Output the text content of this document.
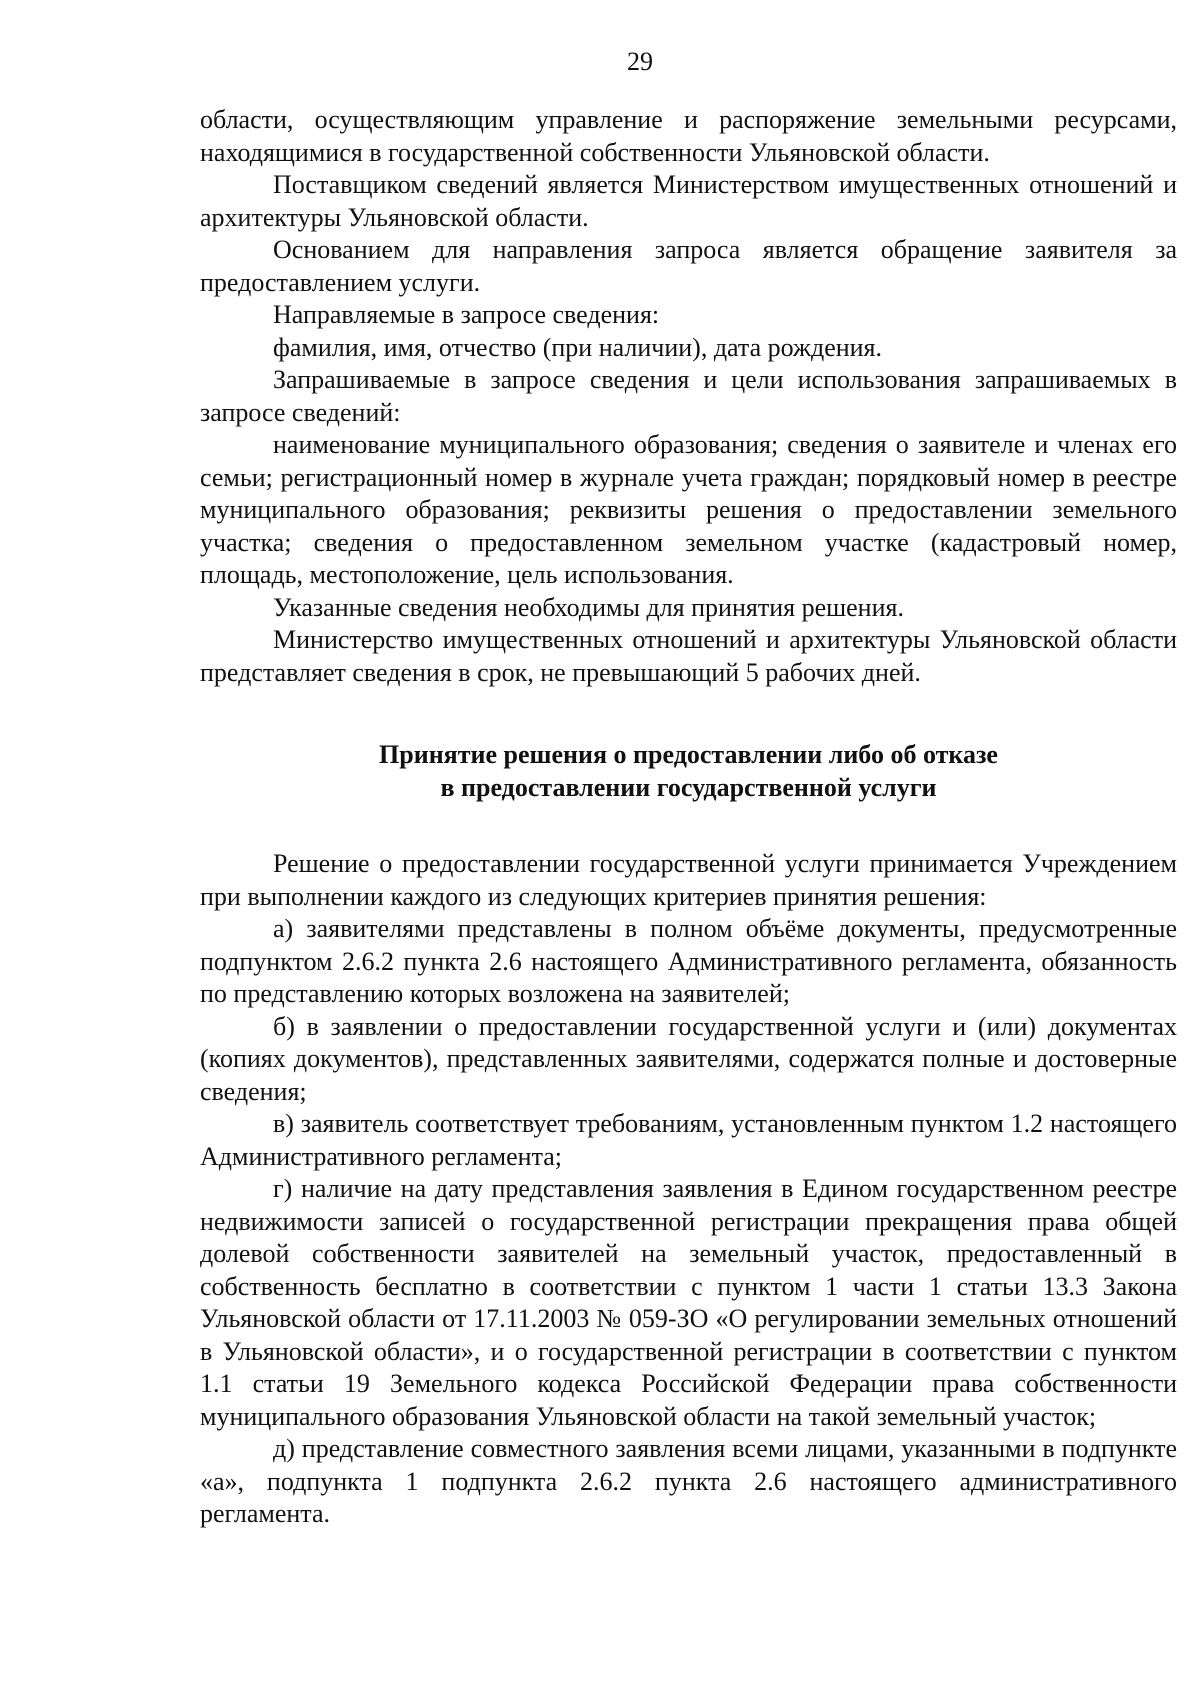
29

области, осуществляющим управление и распоряжение земельными ресурсами, находящимися в государственной собственности Ульяновской области.

Поставщиком сведений является Министерством имущественных отношений и архитектуры Ульяновской области.

Основанием для направления запроса является обращение заявителя за предоставлением услуги.

Направляемые в запросе сведения:

фамилия, имя, отчество (при наличии), дата рождения.

Запрашиваемые в запросе сведения и цели использования запрашиваемых в запросе сведений:

наименование муниципального образования; сведения о заявителе и членах его семьи; регистрационный номер в журнале учета граждан; порядковый номер в реестре муниципального образования; реквизиты решения о предоставлении земельного участка; сведения о предоставленном земельном участке (кадастровый номер, площадь, местоположение, цель использования.

Указанные сведения необходимы для принятия решения.

Министерство имущественных отношений и архитектуры Ульяновской области представляет сведения в срок, не превышающий 5 рабочих дней.

Принятие решения о предоставлении либо об отказе

в предоставлении государственной услуги

Решение о предоставлении государственной услуги принимается Учреждением при выполнении каждого из следующих критериев принятия решения:

а) заявителями представлены в полном объёме документы, предусмотренные подпунктом 2.6.2 пункта 2.6 настоящего Административного регламента, обязанность по представлению которых возложена на заявителей;

б) в заявлении о предоставлении государственной услуги и (или) документах (копиях документов), представленных заявителями, содержатся полные и достоверные сведения;

в) заявитель соответствует требованиям, установленным пунктом 1.2 настоящего Административного регламента;

г) наличие на дату представления заявления в Едином государственном реестре недвижимости записей о государственной регистрации прекращения права общей долевой собственности заявителей на земельный участок, предоставленный в собственность бесплатно в соответствии с пунктом 1 части 1 статьи 13.3 Закона Ульяновской области от 17.11.2003 № 059-ЗО «О регулировании земельных отношений в Ульяновской области», и о государственной регистрации в соответствии с пунктом 1.1 статьи 19 Земельного кодекса Российской Федерации права собственности муниципального образования Ульяновской области на такой земельный участок;

д) представление совместного заявления всеми лицами, указанными в подпункте «а», подпункта 1 подпункта 2.6.2 пункта 2.6 настоящего административного регламента.
